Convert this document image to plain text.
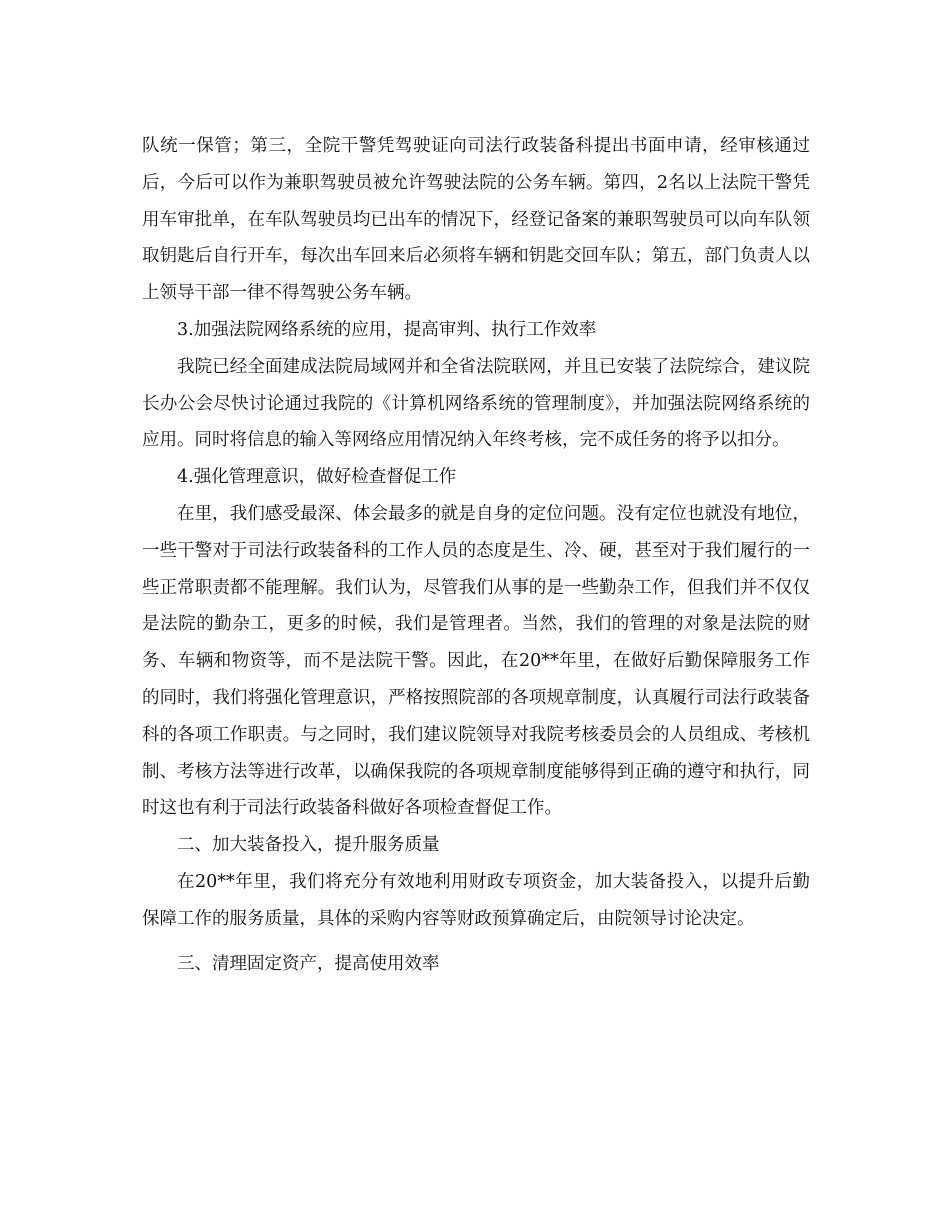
队统一保管；第三，全院干警凭驾驶证向司法行政装备科提出书面申请，经审核通过后，今后可以作为兼职驾驶员被允许驾驶法院的公务车辆。第四，2名以上法院干警凭用车审批单，在车队驾驶员均已出车的情况下，经登记备案的兼职驾驶员可以向车队领取钥匙后自行开车，每次出车回来后必须将车辆和钥匙交回车队；第五，部门负责人以上领导干部一律不得驾驶公务车辆。

3.加强法院网络系统的应用，提高审判、执行工作效率

我院已经全面建成法院局域网并和全省法院联网，并且已安装了法院综合，建议院长办公会尽快讨论通过我院的《计算机网络系统的管理制度》，并加强法院网络系统的应用。同时将信息的输入等网络应用情况纳入年终考核，完不成任务的将予以扣分。

4.强化管理意识，做好检查督促工作

在里，我们感受最深、体会最多的就是自身的定位问题。没有定位也就没有地位，一些干警对于司法行政装备科的工作人员的态度是生、冷、硬，甚至对于我们履行的一些正常职责都不能理解。我们认为，尽管我们从事的是一些勤杂工作，但我们并不仅仅是法院的勤杂工，更多的时候，我们是管理者。当然，我们的管理的对象是法院的财务、车辆和物资等，而不是法院干警。因此，在20**年里，在做好后勤保障服务工作的同时，我们将强化管理意识，严格按照院部的各项规章制度，认真履行司法行政装备科的各项工作职责。与之同时，我们建议院领导对我院考核委员会的人员组成、考核机制、考核方法等进行改革，以确保我院的各项规章制度能够得到正确的遵守和执行，同时这也有利于司法行政装备科做好各项检查督促工作。

二、加大装备投入，提升服务质量

在20**年里，我们将充分有效地利用财政专项资金，加大装备投入，以提升后勤保障工作的服务质量，具体的采购内容等财政预算确定后，由院领导讨论决定。

三、清理固定资产，提高使用效率
